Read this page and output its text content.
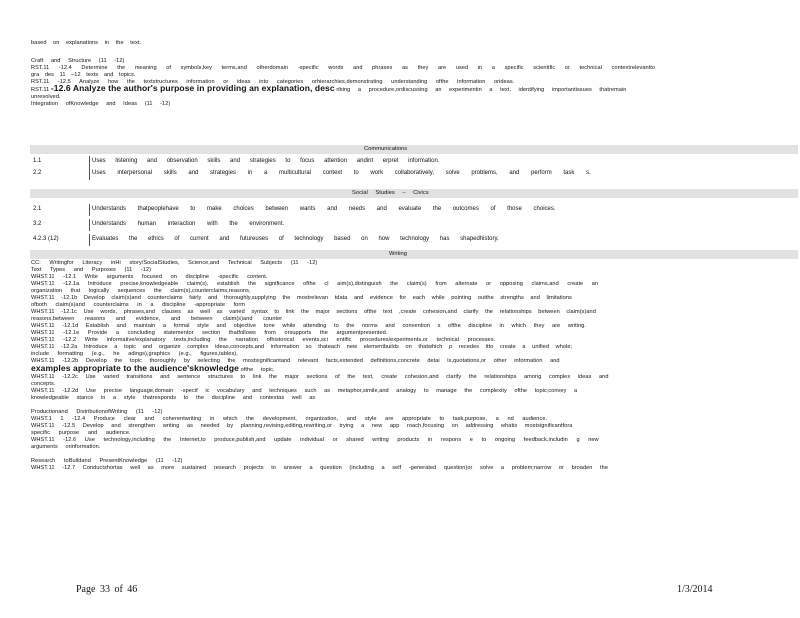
based on explanations in the text.
Craft and Structure (11 -12)
RST.11 -12.4 Determine the meaning of symbols,key terms,and otherdomain -specific words and phrases as they are used in a specific scientific or technical contextrelevantto
gra des 11 –12 texts and topics.
RST.11 -12.5 Analyze how the textstructures information or ideas into categories orhierarchies,demonstrating understanding ofthe information orideas.
RST.11 -12.6 Analyze the author's purpose in providing an explanation, desc ribing a procedure,ordiscussing an experimentin a text, identifying importantissues thatremain
unresolved.
Integration ofKnowledge and Ideas (11 -12)
Communications
1.1	Uses listening and observation skills and strategies to focus attention andint erpret information.
2.2	Uses interpersonal skills and strategies in a multicultural context to work collaboratively, solve problems, and perform task s.
Social Studies – Civics
2.1	Understands thatpeoplehave to make choices between wants and needs and evaluate the outcomes of those choices.
3.2	Understands human interaction with the environment.
4.2.3 (12)	Evaluates the ethics of current and futureuses of technology based on how technology has shapedhistory.
Writing
CC: Writingfor Literacy inHi story/SocialStudies, Science,and Technical Subjects (11 -12)
Text Types and Purposes (11 -12)
WHST.11 -12.1 Write arguments focused on discipline -specific content.
WHST.11 -12.1a Introduce precise,knowledgeable claim(s), establish the significance ofthe cl aim(s),distinguish the claim(s) from alternate or opposing claims,and create an
organization that logically sequences the claim(s),counterclaims,reasons,
WHST.11 -12.1b Develop claim(s)and counterclaims fairly and thoroughly,supplying the mostrelevan tdata and evidence for each while pointing outthe strengths and limitations
ofboth claim(s)and counterclaims in a discipline -appropriate form
WHST.11 -12.1c Use words, phrases,and clauses as well as varied syntax to link the major sections ofthe text ,create cohesion,and clarify the relationships between claim(s)and
reasons,between reasons and evidence, and between claim(s)and counter
WHST.11 -12.1d Establish and maintain a formal style and objective tone while attending to the norms and convention s ofthe discipline in which they are writing.
WHST.11 -12.1e Provide a concluding statementor section thatfollows from orsupports the argumentpresented.
WHST.11 -12.2 Write informative/explanatory texts,including the narration ofhistorical events,sci entific procedures/experiments,or technical processes.
WHST.11 -12.2a Introduce a topic and organize complex ideas,concepts,and information so thateach new elementbuilds on thatwhich p recedes itto create a unified whole;
include formatting (e.g., he adings),graphics (e.g., figures,tables),
WHST.11 -12.2b Develop the topic thoroughly by selecting the mostsignificantand relevant facts,extended definitions,concrete detai ls,quotations,or other information and
examples appropriate to the audience'sknowledge ofthe topic.
WHST.11 -12.2c Use varied transitions and sentence structures to link the major sections of the text, create cohesion,and clarify the relationships among complex ideas and
concepts.
WHST.11 -12.2d Use precise language,domain -specif ic vocabulary and techniques such as metaphor,simile,and analogy to manage the complexity ofthe topic;convey a
knowledgeable stance in a style thatresponds to the discipline and contextas well as
Productionand DistributionofWriting (11 -12)
WHST.1 1 -12.4 Produce clear and coherentwriting in which the development, organization, and style are appropriate to task,purpose, a nd audience.
WHST.11 -12.5 Develop and strengthen writing as needed by planning,revising,editing,rewriting,or trying a new app roach,focusing on addressing whatis mostsignificantfora
specific purpose and audience.
WHST.11 -12.6 Use technology,including the Internet,to produce,publish,and update individual or shared writing products in respons e to ongoing feedback,includin g new
arguments orinformation.
Research toBuildand PresentKnowledge (11 -12)
WHST.11 -12.7 Conductshortas well as more sustained research projects to answer a question (including a self -generated question)or solve a problem;narrow or broaden the
Page 33 of 46	1/3/2014
